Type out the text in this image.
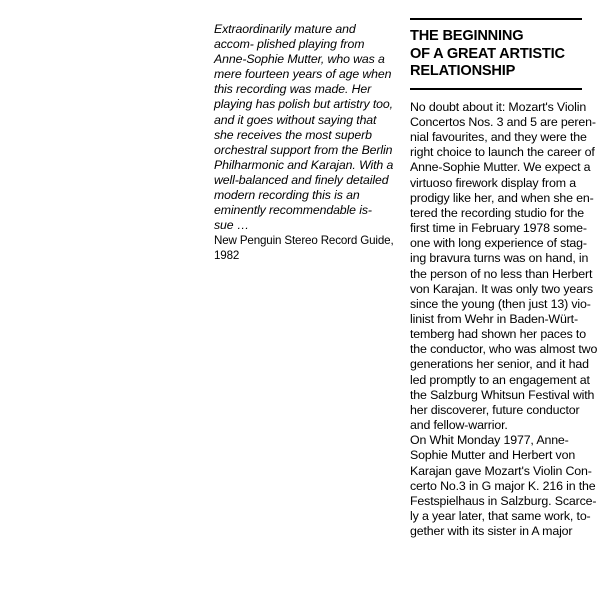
Extraordinarily mature and accom- plished playing from Anne-Sophie Mutter, who was a mere fourteen years of age when this recording was made. Her playing has polish but artistry too, and it goes without saying that she receives the most superb orchestral support from the Berlin Philharmonic and Karajan. With a well-balanced and finely detailed modern recording this is an eminently recommendable is- sue …

New Penguin Stereo Record Guide, 1982

THE BEGINNING
OF A GREAT ARTISTIC
RELATIONSHIP

No doubt about it: Mozart's Violin
Concertos Nos. 3 and 5 are peren-
nial favourites, and they were the
right choice to launch the career of
Anne-Sophie Mutter. We expect a
virtuoso firework display from a
prodigy like her, and when she en-
tered the recording studio for the
first time in February 1978 some-
one with long experience of stag-
ing bravura turns was on hand, in
the person of no less than Herbert
von Karajan. It was only two years
since the young (then just 13) vio-
linist from Wehr in Baden-Würt-
temberg had shown her paces to
the conductor, who was almost two
generations her senior, and it had
led promptly to an engagement at
the Salzburg Whitsun Festival with
her discoverer, future conductor
and fellow-warrior.
On Whit Monday 1977, Anne-
Sophie Mutter and Herbert von
Karajan gave Mozart's Violin Con-
certo No.3 in G major K. 216 in the
Festspielhaus in Salzburg. Scarce-
ly a year later, that same work, to-
gether with its sister in A major
